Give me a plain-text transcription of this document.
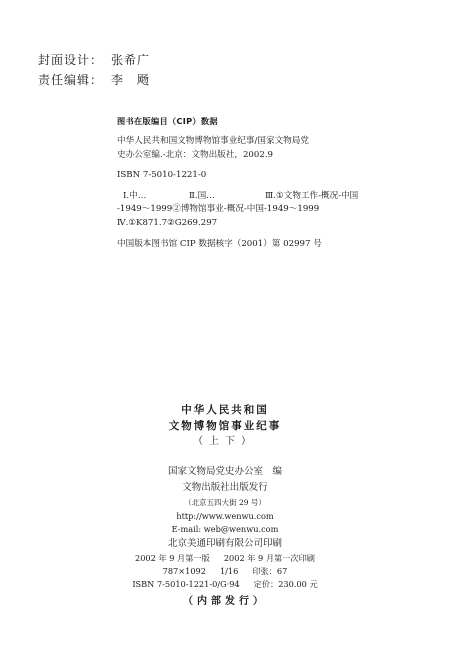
封面设计： 张希广
责任编辑： 李　飏
图书在版编目（CIP）数据
中华人民共和国文物博物馆事业纪事/国家文物局党
史办公室编.-北京：文物出版社，2002.9
ISBN 7-5010-1221-0
Ⅰ.中…	Ⅱ.国…	Ⅲ.①文物工作-概况-中国
-1949～1999②博物馆事业-概况-中国-1949～1999
Ⅳ.①K871.7②G269.297
中国版本图书馆 CIP 数据核字（2001）第 02997 号
中华人民共和国
文物博物馆事业纪事
（上下）
国家文物局党史办公室　编
文物出版社出版发行
（北京五四大街 29 号）
http://www.wenwu.com
E-mail: web@wenwu.com
北京美通印刷有限公司印刷
2002 年 9 月第一版 2002 年 9 月第一次印刷
787×1092 1/16 印张：67
ISBN 7-5010-1221-0/G·94 定价：230.00 元
（内部发行）
